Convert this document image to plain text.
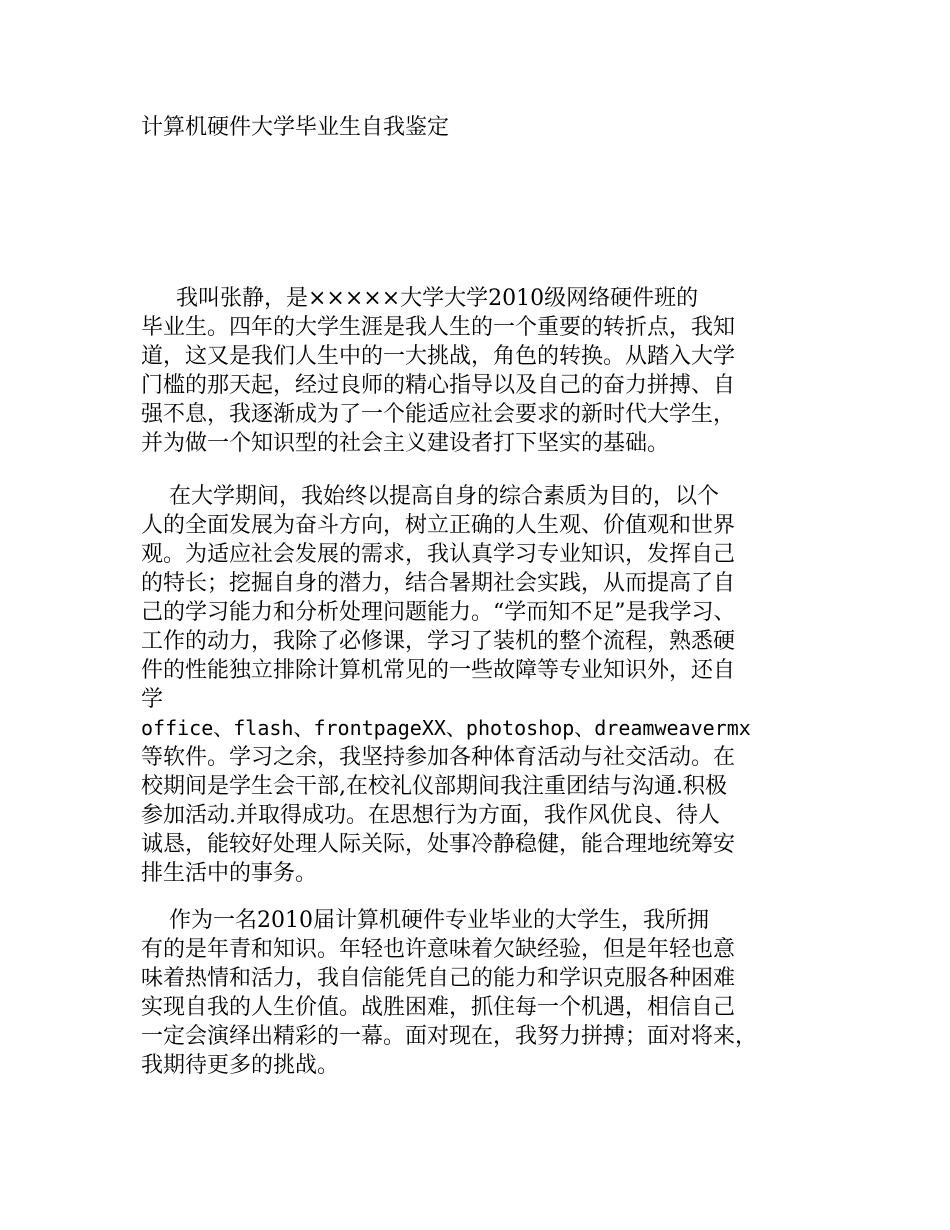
计算机硬件大学毕业生自我鉴定
我叫张静，是×××××大学大学2010级网络硬件班的
毕业生。四年的大学生涯是我人生的一个重要的转折点，我知
道，这又是我们人生中的一大挑战，角色的转换。从踏入大学
门槛的那天起，经过良师的精心指导以及自己的奋力拼搏、自
强不息，我逐渐成为了一个能适应社会要求的新时代大学生，
并为做一个知识型的社会主义建设者打下坚实的基础。
在大学期间，我始终以提高自身的综合素质为目的，以个
人的全面发展为奋斗方向，树立正确的人生观、价值观和世界
观。为适应社会发展的需求，我认真学习专业知识，发挥自己
的特长；挖掘自身的潜力，结合暑期社会实践，从而提高了自
己的学习能力和分析处理问题能力。“学而知不足”是我学习、
工作的动力，我除了必修课，学习了装机的整个流程，熟悉硬
件的性能独立排除计算机常见的一些故障等专业知识外，还自
学
office、flash、frontpageXX、photoshop、dreamweavermx
等软件。学习之余，我坚持参加各种体育活动与社交活动。在
校期间是学生会干部,在校礼仪部期间我注重团结与沟通.积极
参加活动.并取得成功。在思想行为方面，我作风优良、待人
诚恳，能较好处理人际关际，处事冷静稳健，能合理地统筹安
排生活中的事务。
作为一名2010届计算机硬件专业毕业的大学生，我所拥
有的是年青和知识。年轻也许意味着欠缺经验，但是年轻也意
味着热情和活力，我自信能凭自己的能力和学识克服各种困难
实现自我的人生价值。战胜困难，抓住每一个机遇，相信自己
一定会演绎出精彩的一幕。面对现在，我努力拼搏；面对将来，
我期待更多的挑战。
